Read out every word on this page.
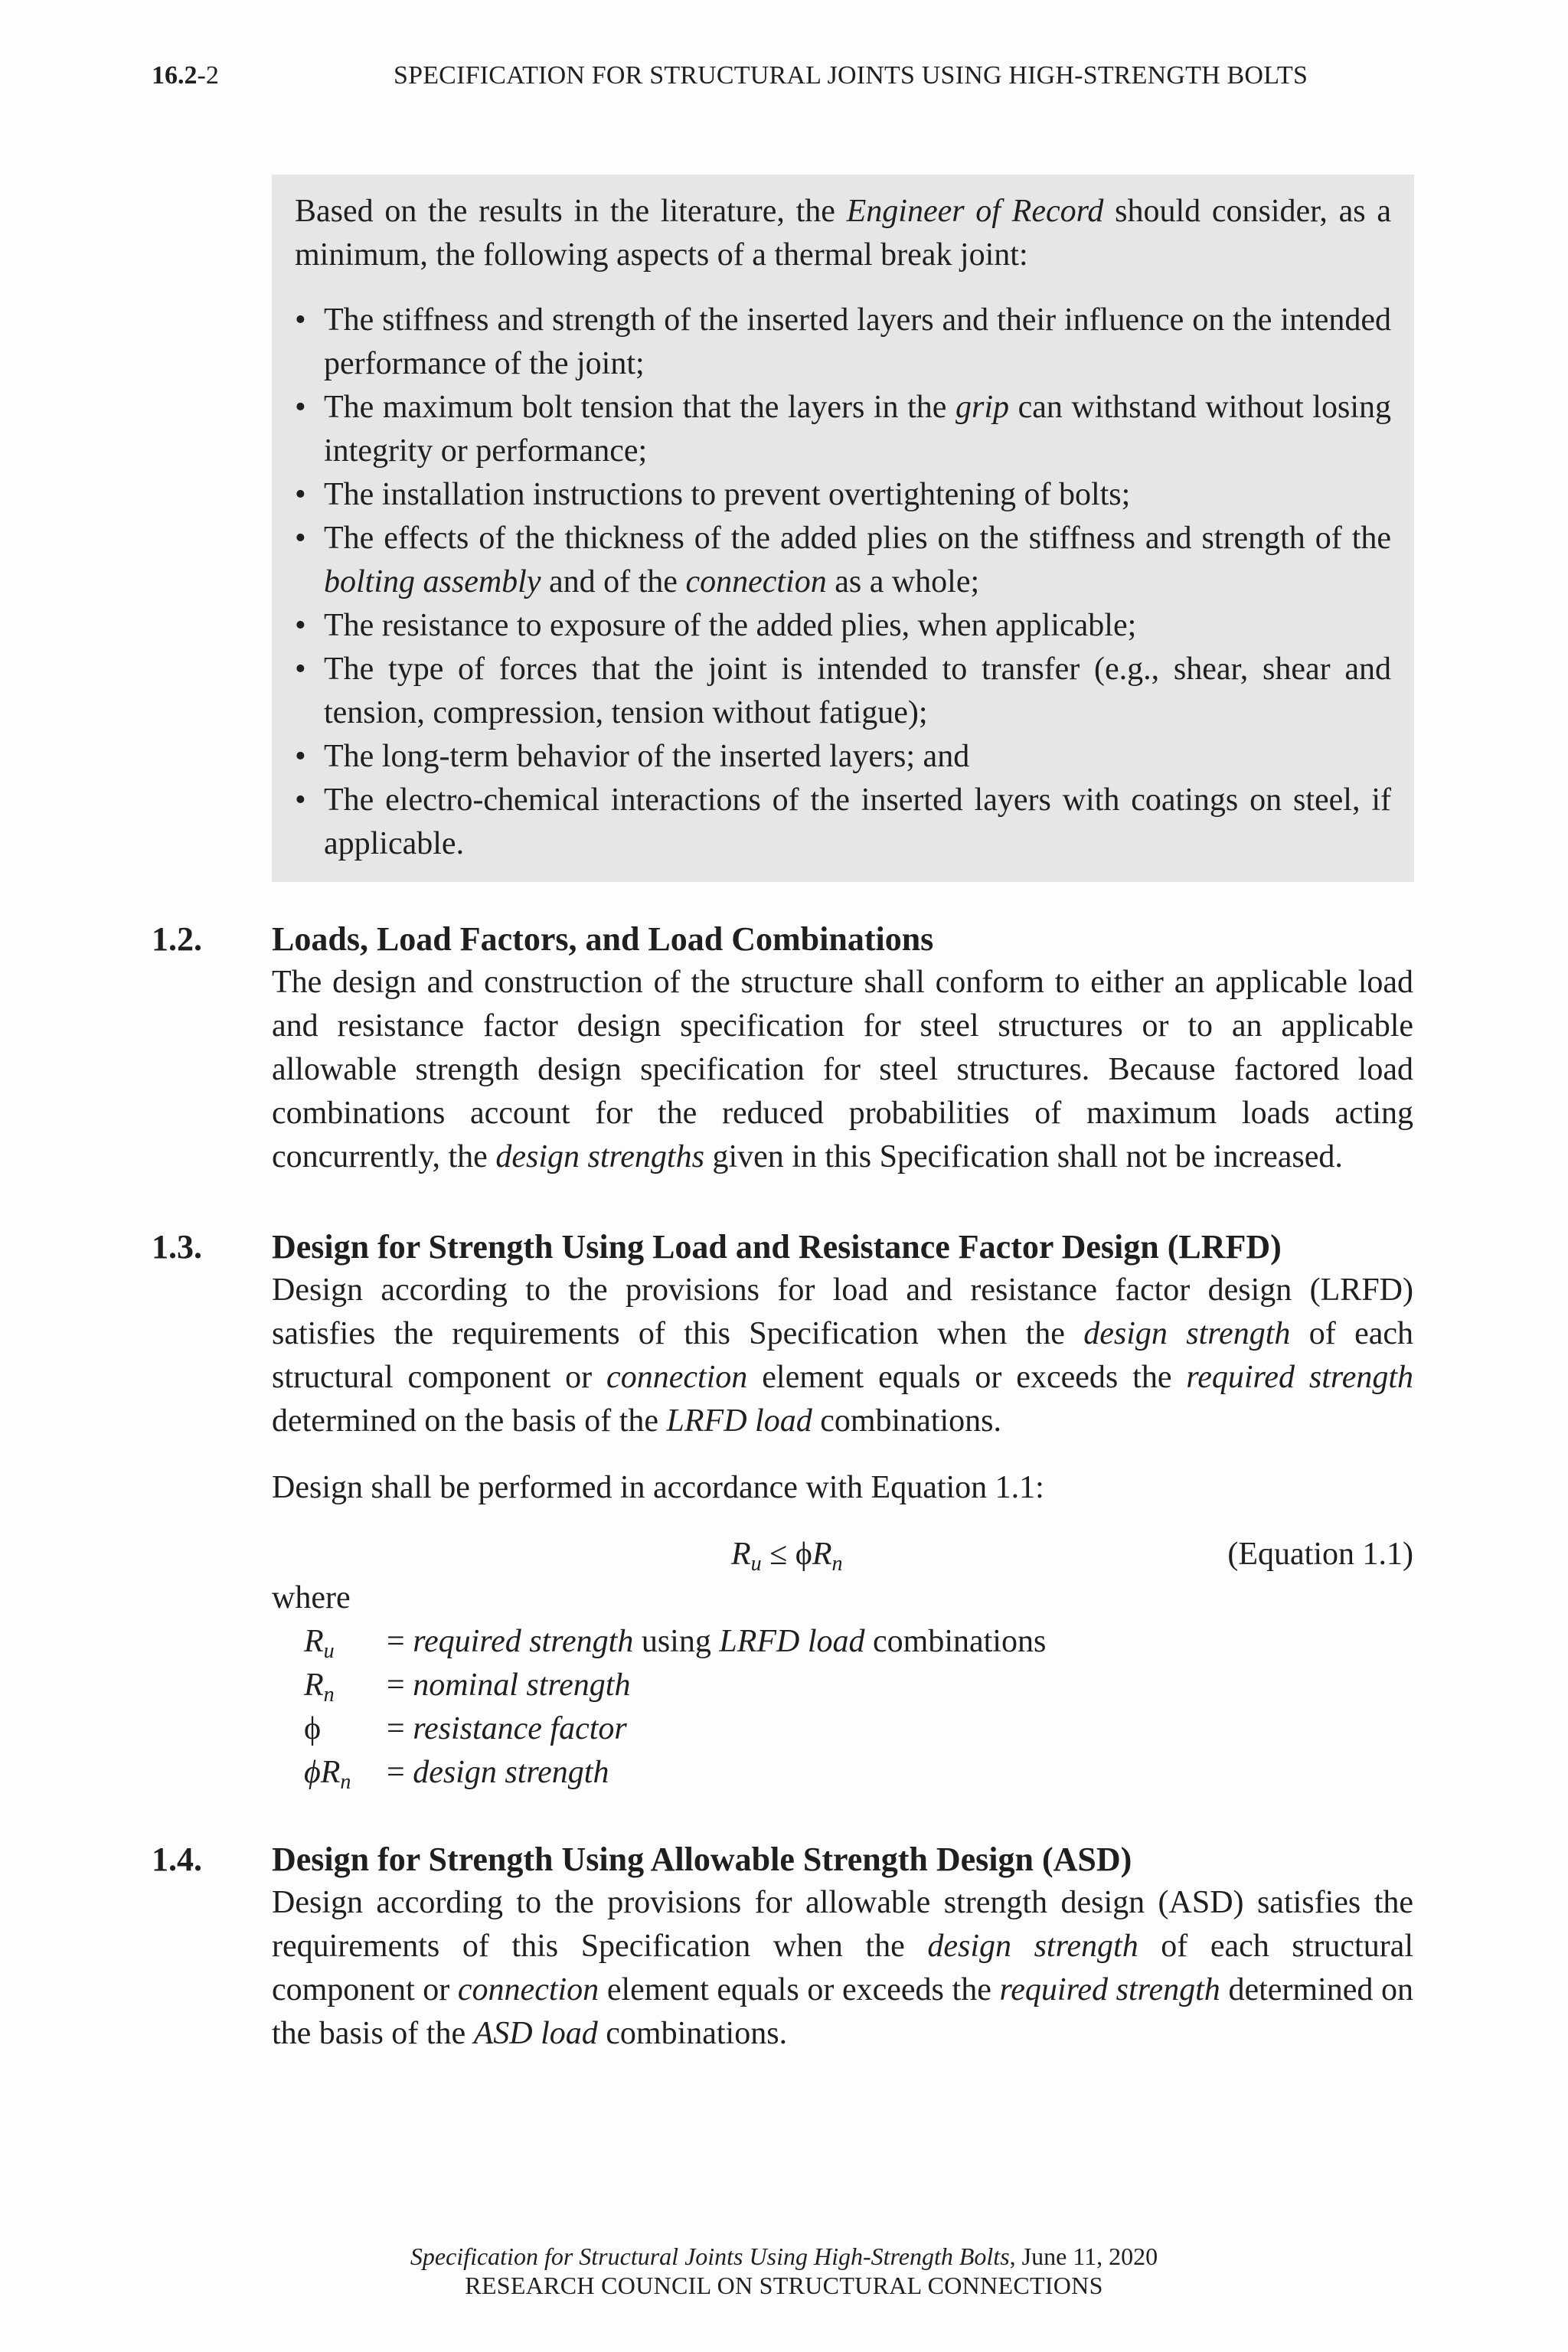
16.2-2	SPECIFICATION FOR STRUCTURAL JOINTS USING HIGH-STRENGTH BOLTS

Based on the results in the literature, the Engineer of Record should consider, as a minimum, the following aspects of a thermal break joint:

• The stiffness and strength of the inserted layers and their influence on the intended performance of the joint;
• The maximum bolt tension that the layers in the grip can withstand without losing integrity or performance;
• The installation instructions to prevent overtightening of bolts;
• The effects of the thickness of the added plies on the stiffness and strength of the bolting assembly and of the connection as a whole;
• The resistance to exposure of the added plies, when applicable;
• The type of forces that the joint is intended to transfer (e.g., shear, shear and tension, compression, tension without fatigue);
• The long-term behavior of the inserted layers; and
• The electro-chemical interactions of the inserted layers with coatings on steel, if applicable.
1.2. Loads, Load Factors, and Load Combinations

The design and construction of the structure shall conform to either an applicable load and resistance factor design specification for steel structures or to an applicable allowable strength design specification for steel structures. Because factored load combinations account for the reduced probabilities of maximum loads acting concurrently, the design strengths given in this Specification shall not be increased.

1.3. Design for Strength Using Load and Resistance Factor Design (LRFD)

Design according to the provisions for load and resistance factor design (LRFD) satisfies the requirements of this Specification when the design strength of each structural component or connection element equals or exceeds the required strength determined on the basis of the LRFD load combinations.

Design shall be performed in accordance with Equation 1.1:

$R_u \le \phi R_n$	(Equation 1.1)

where

$R_u$	= required strength using LRFD load combinations
$R_n$	= nominal strength
ϕ	= resistance factor
$\phi R_n$	= design strength
1.4. Design for Strength Using Allowable Strength Design (ASD)

Design according to the provisions for allowable strength design (ASD) satisfies the requirements of this Specification when the design strength of each structural component or connection element equals or exceeds the required strength determined on the basis of the ASD load combinations.

Specification for Structural Joints Using High-Strength Bolts, June 11, 2020
RESEARCH COUNCIL ON STRUCTURAL CONNECTIONS
